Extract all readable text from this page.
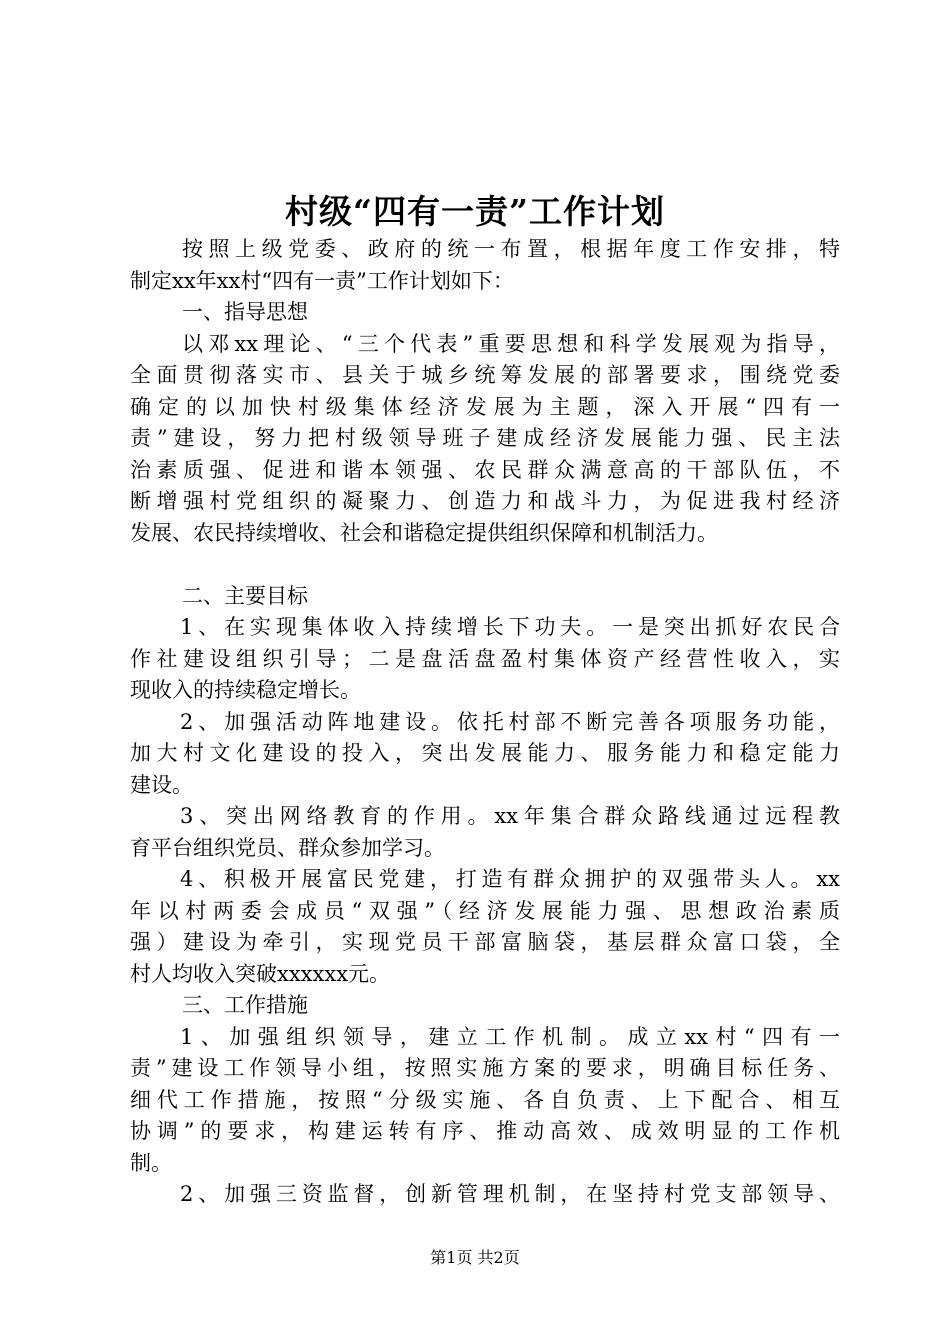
村级“四有一责”工作计划
按照上级党委、政府的统一布置，根据年度工作安排，特
制定xx年xx村“四有一责”工作计划如下：
一、指导思想
以邓xx理论、“三个代表”重要思想和科学发展观为指导，
全面贯彻落实市、县关于城乡统筹发展的部署要求，围绕党委
确定的以加快村级集体经济发展为主题，深入开展“四有一
责”建设，努力把村级领导班子建成经济发展能力强、民主法
治素质强、促进和谐本领强、农民群众满意高的干部队伍，不
断增强村党组织的凝聚力、创造力和战斗力，为促进我村经济
发展、农民持续增收、社会和谐稳定提供组织保障和机制活力。
二、主要目标
1、在实现集体收入持续增长下功夫。一是突出抓好农民合
作社建设组织引导；二是盘活盘盈村集体资产经营性收入，实
现收入的持续稳定增长。
2、加强活动阵地建设。依托村部不断完善各项服务功能，
加大村文化建设的投入，突出发展能力、服务能力和稳定能力
建设。
3、突出网络教育的作用。xx年集合群众路线通过远程教
育平台组织党员、群众参加学习。
4、积极开展富民党建，打造有群众拥护的双强带头人。xx
年以村两委会成员“双强”（经济发展能力强、思想政治素质
强）建设为牵引，实现党员干部富脑袋，基层群众富口袋，全
村人均收入突破xxxxxx元。
三、工作措施
1、加强组织领导，建立工作机制。成立xx村“四有一
责”建设工作领导小组，按照实施方案的要求，明确目标任务、
细代工作措施，按照“分级实施、各自负责、上下配合、相互
协调”的要求，构建运转有序、推动高效、成效明显的工作机
制。
2、加强三资监督，创新管理机制，在坚持村党支部领导、
第1页 共2页
